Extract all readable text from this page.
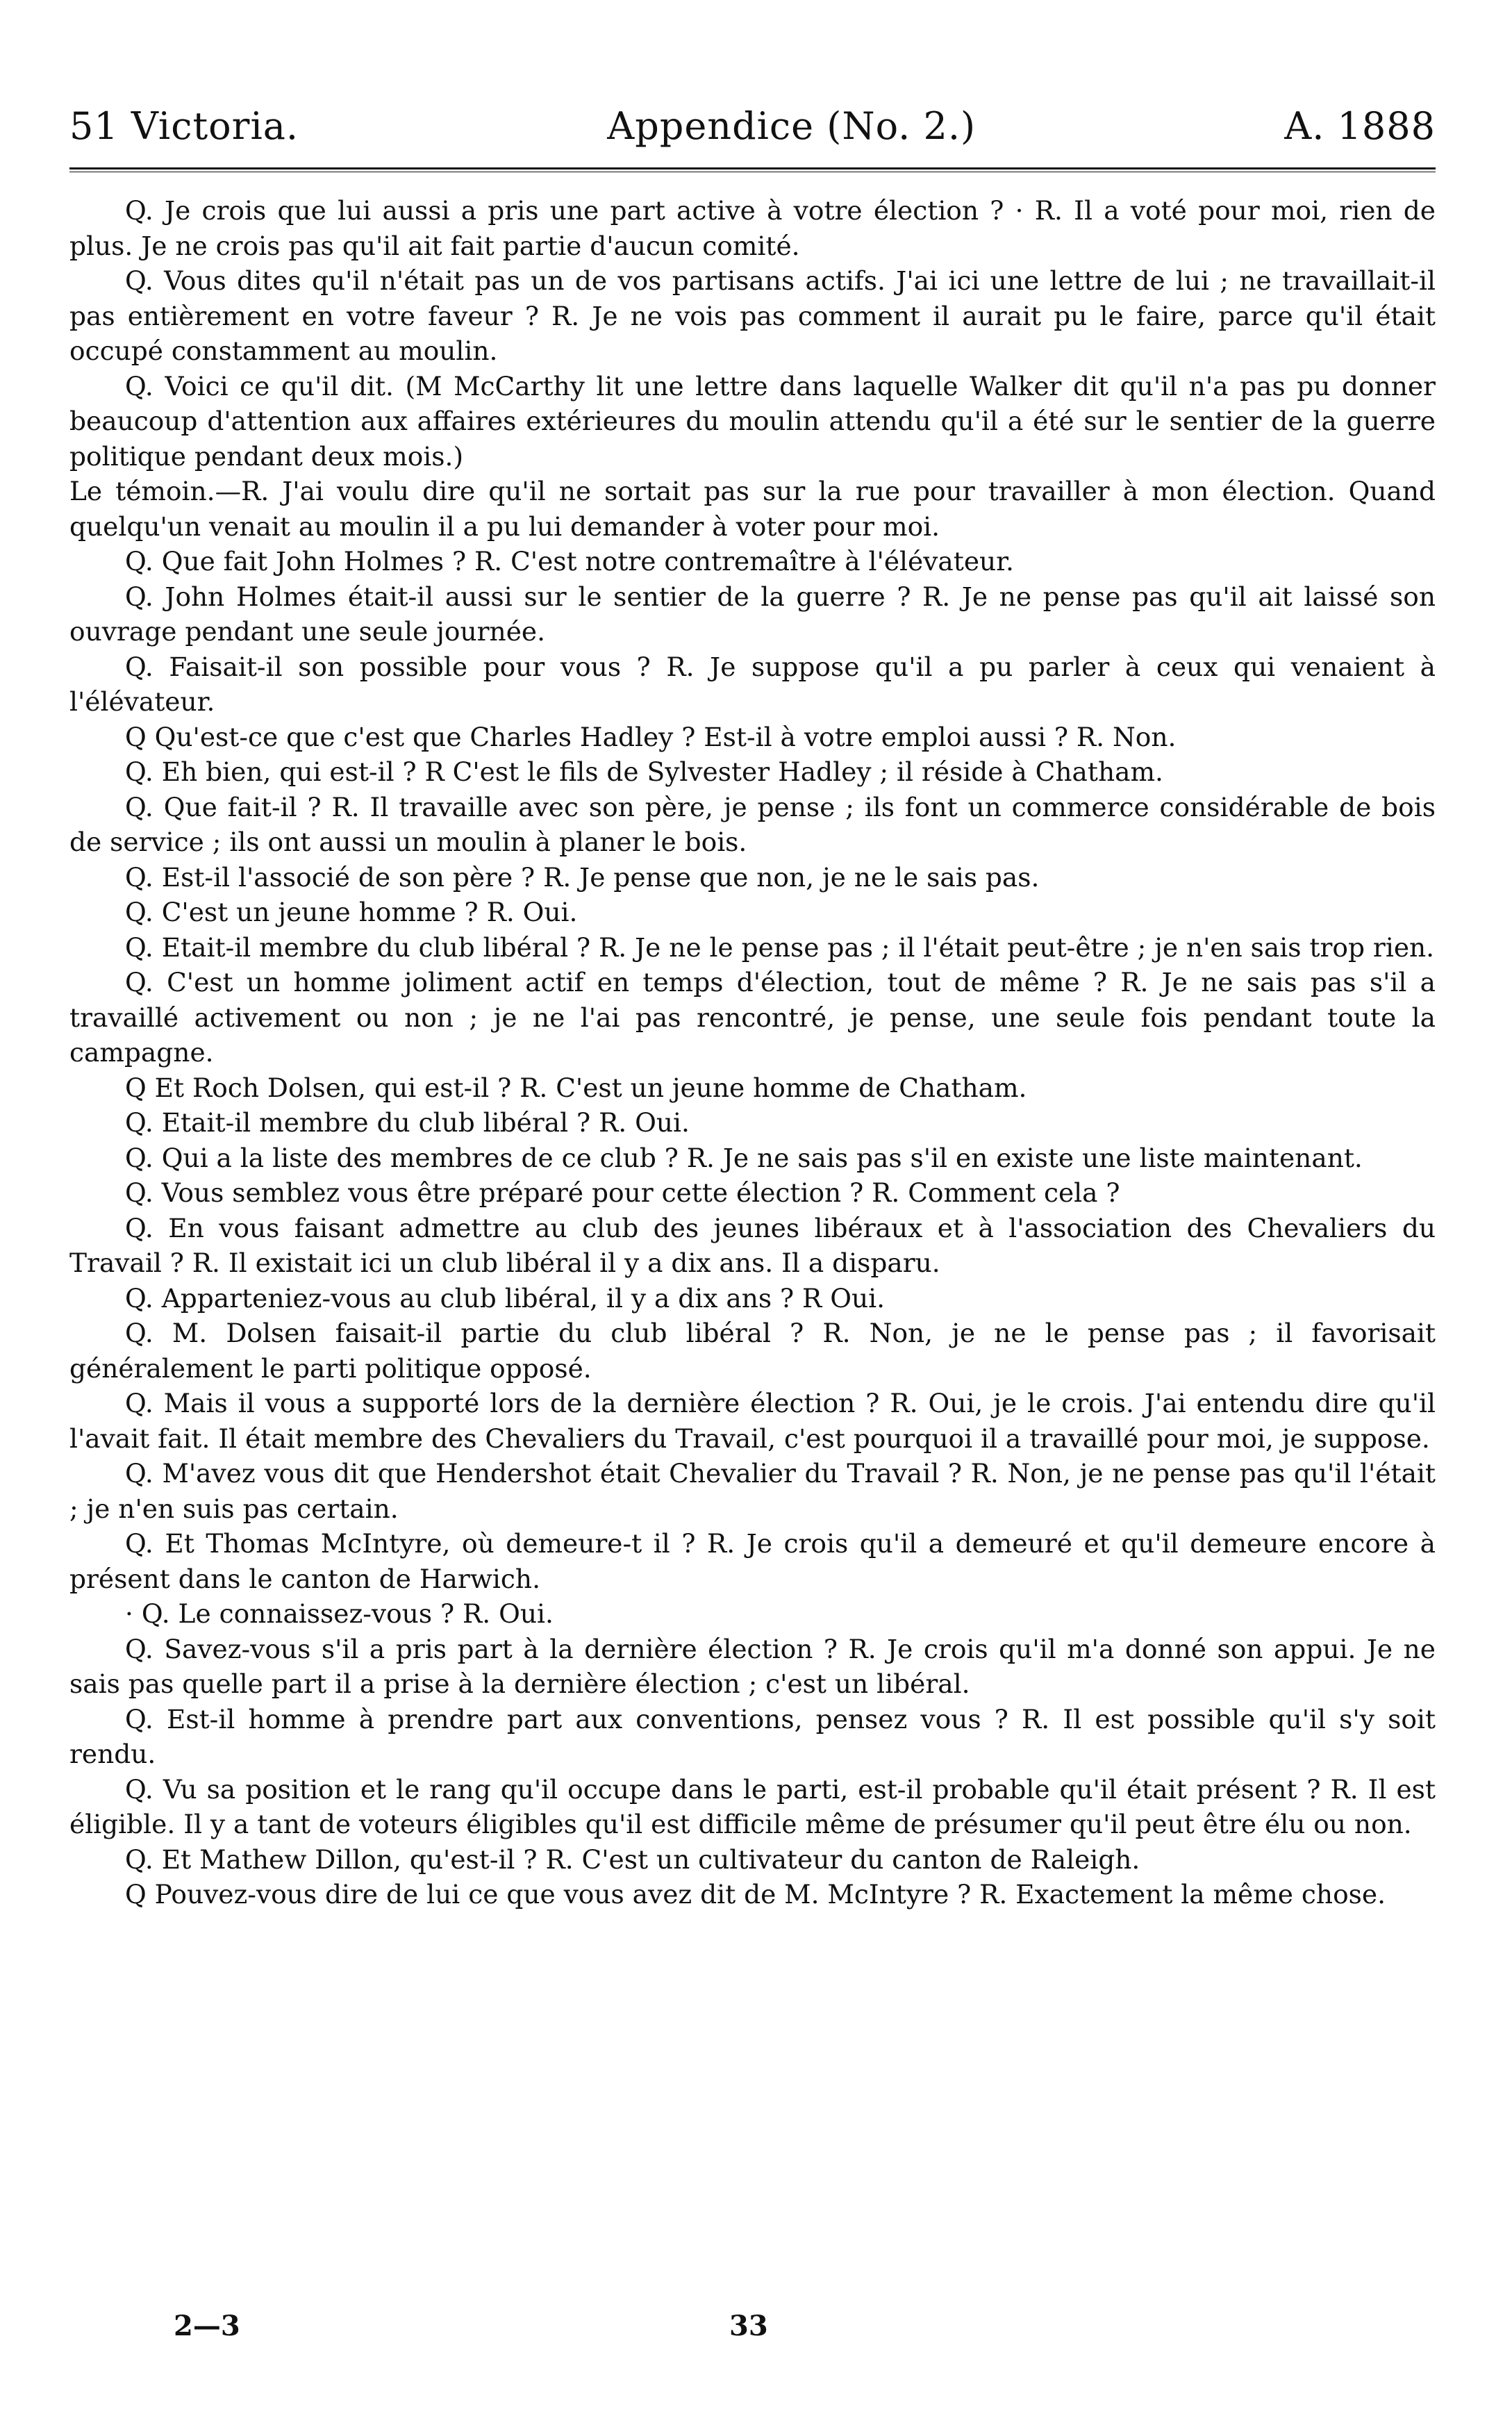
51 Victoria.	Appendice (No. 2.)	A. 1888

Q. Je crois que lui aussi a pris une part active à votre élection ? · R. Il a voté pour moi, rien de plus. Je ne crois pas qu'il ait fait partie d'aucun comité.

Q. Vous dites qu'il n'était pas un de vos partisans actifs. J'ai ici une lettre de lui ; ne travaillait-il pas entièrement en votre faveur ? R. Je ne vois pas comment il aurait pu le faire, parce qu'il était occupé constamment au moulin.

Q. Voici ce qu'il dit. (M McCarthy lit une lettre dans laquelle Walker dit qu'il n'a pas pu donner beaucoup d'attention aux affaires extérieures du moulin attendu qu'il a été sur le sentier de la guerre politique pendant deux mois.)

Le témoin.—R. J'ai voulu dire qu'il ne sortait pas sur la rue pour travailler à mon élection. Quand quelqu'un venait au moulin il a pu lui demander à voter pour moi.

Q. Que fait John Holmes ? R. C'est notre contremaître à l'élévateur.

Q. John Holmes était-il aussi sur le sentier de la guerre ? R. Je ne pense pas qu'il ait laissé son ouvrage pendant une seule journée.

Q. Faisait-il son possible pour vous ? R. Je suppose qu'il a pu parler à ceux qui venaient à l'élévateur.

Q Qu'est-ce que c'est que Charles Hadley ? Est-il à votre emploi aussi ? R. Non.

Q. Eh bien, qui est-il ? R C'est le fils de Sylvester Hadley ; il réside à Chatham.

Q. Que fait-il ? R. Il travaille avec son père, je pense ; ils font un commerce considérable de bois de service ; ils ont aussi un moulin à planer le bois.

Q. Est-il l'associé de son père ? R. Je pense que non, je ne le sais pas.

Q. C'est un jeune homme ? R. Oui.

Q. Etait-il membre du club libéral ? R. Je ne le pense pas ; il l'était peut-être ; je n'en sais trop rien.

Q. C'est un homme joliment actif en temps d'élection, tout de même ? R. Je ne sais pas s'il a travaillé activement ou non ; je ne l'ai pas rencontré, je pense, une seule fois pendant toute la campagne.

Q Et Roch Dolsen, qui est-il ? R. C'est un jeune homme de Chatham.

Q. Etait-il membre du club libéral ? R. Oui.

Q. Qui a la liste des membres de ce club ? R. Je ne sais pas s'il en existe une liste maintenant.

Q. Vous semblez vous être préparé pour cette élection ? R. Comment cela ?

Q. En vous faisant admettre au club des jeunes libéraux et à l'association des Chevaliers du Travail ? R. Il existait ici un club libéral il y a dix ans. Il a disparu.

Q. Apparteniez-vous au club libéral, il y a dix ans ? R Oui.

Q. M. Dolsen faisait-il partie du club libéral ? R. Non, je ne le pense pas ; il favorisait généralement le parti politique opposé.

Q. Mais il vous a supporté lors de la dernière élection ? R. Oui, je le crois. J'ai entendu dire qu'il l'avait fait. Il était membre des Chevaliers du Travail, c'est pourquoi il a travaillé pour moi, je suppose.

Q. M'avez vous dit que Hendershot était Chevalier du Travail ? R. Non, je ne pense pas qu'il l'était ; je n'en suis pas certain.

Q. Et Thomas McIntyre, où demeure-t il ? R. Je crois qu'il a demeuré et qu'il demeure encore à présent dans le canton de Harwich.

· Q. Le connaissez-vous ? R. Oui.

Q. Savez-vous s'il a pris part à la dernière élection ? R. Je crois qu'il m'a donné son appui. Je ne sais pas quelle part il a prise à la dernière élection ; c'est un libéral.

Q. Est-il homme à prendre part aux conventions, pensez vous ? R. Il est possible qu'il s'y soit rendu.

Q. Vu sa position et le rang qu'il occupe dans le parti, est-il probable qu'il était présent ? R. Il est éligible. Il y a tant de voteurs éligibles qu'il est difficile même de présumer qu'il peut être élu ou non.

Q. Et Mathew Dillon, qu'est-il ? R. C'est un cultivateur du canton de Raleigh.

Q Pouvez-vous dire de lui ce que vous avez dit de M. McIntyre ? R. Exactement la même chose.

2—3	33
